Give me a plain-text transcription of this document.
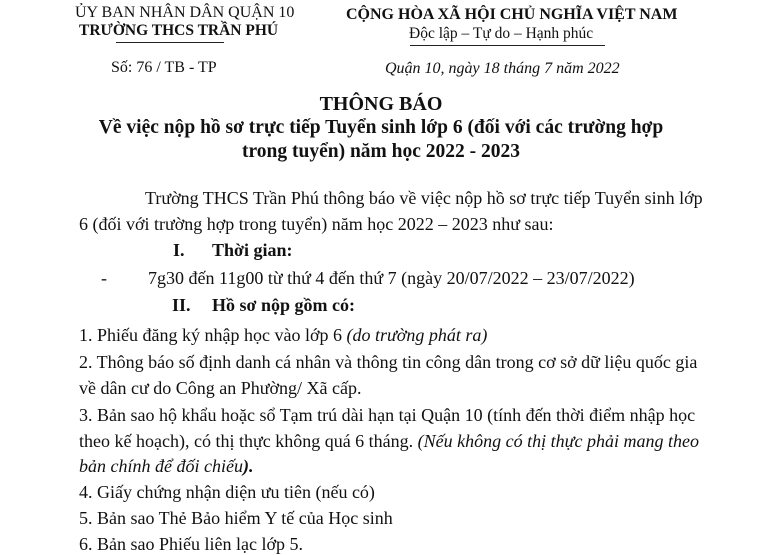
ỦY BAN NHÂN DÂN QUẬN 10
TRƯỜNG THCS TRẦN PHÚ
CỘNG HÒA XÃ HỘI CHỦ NGHĨA VIỆT NAM
Độc lập – Tự do – Hạnh phúc
Số: 76 / TB - TP	Quận 10, ngày 18 tháng 7 năm 2022
THÔNG BÁO
Về việc nộp hồ sơ trực tiếp Tuyển sinh lớp 6 (đối với các trường hợp
trong tuyển) năm học 2022 - 2023
Trường THCS Trần Phú thông báo về việc nộp hồ sơ trực tiếp Tuyển sinh lớp
6 (đối với trường hợp trong tuyển) năm học 2022 – 2023 như sau:
I. Thời gian:
- 7g30 đến 11g00 từ thứ 4 đến thứ 7 (ngày 20/07/2022 – 23/07/2022)
II. Hồ sơ nộp gồm có:
1. Phiếu đăng ký nhập học vào lớp 6 (do trường phát ra)
2. Thông báo số định danh cá nhân và thông tin công dân trong cơ sở dữ liệu quốc gia
về dân cư do Công an Phường/ Xã cấp.
3. Bản sao hộ khẩu hoặc sổ Tạm trú dài hạn tại Quận 10 (tính đến thời điểm nhập học
theo kế hoạch), có thị thực không quá 6 tháng. (Nếu không có thị thực phải mang theo
bản chính để đối chiếu).
4. Giấy chứng nhận diện ưu tiên (nếu có)
5. Bản sao Thẻ Bảo hiểm Y tế của Học sinh
6. Bản sao Phiếu liên lạc lớp 5.
